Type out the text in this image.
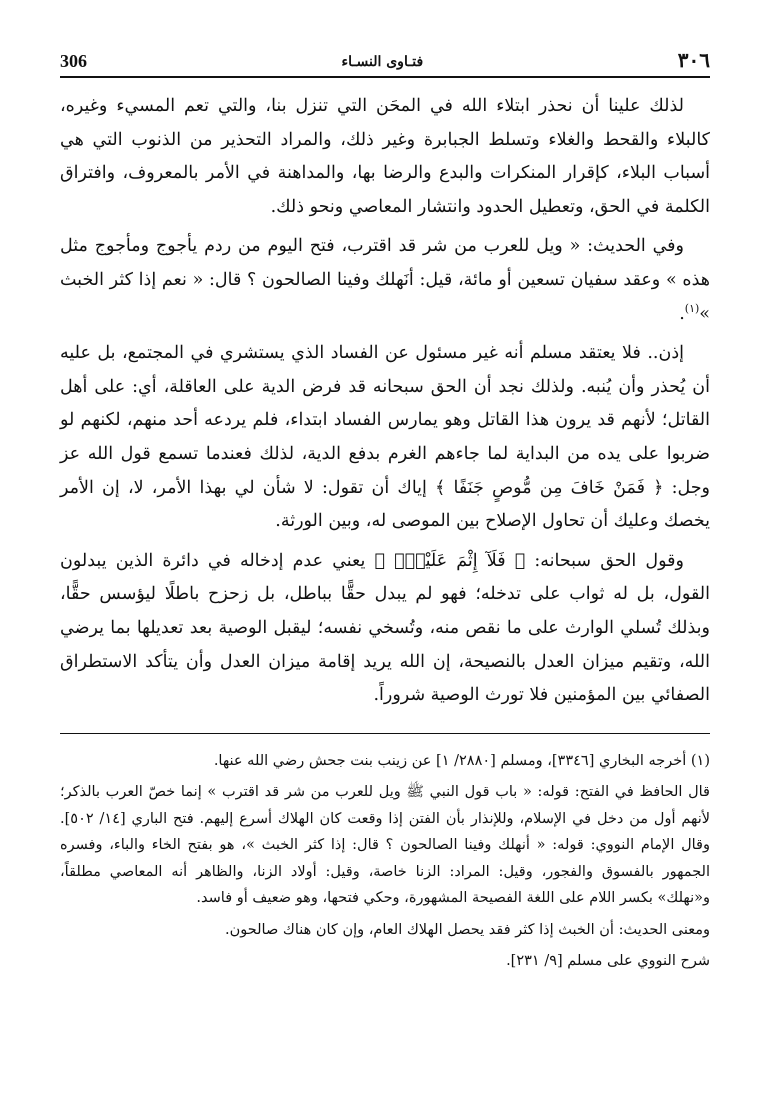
306	فتـاوى النسـاء	٣٠٦

لذلك علينا أن نحذر ابتلاء الله في المحَن التي تنزل بنا، والتي تعم المسيء وغيره، كالبلاء والقحط والغلاء وتسلط الجبابرة وغير ذلك، والمراد التحذير من الذنوب التي هي أسباب البلاء، كإقرار المنكرات والبدع والرضا بها، والمداهنة في الأمر بالمعروف، وافتراق الكلمة في الحق، وتعطيل الحدود وانتشار المعاصي ونحو ذلك.

وفي الحديث: « ويل للعرب من شر قد اقترب، فتح اليوم من ردم يأجوج ومأجوج مثل هذه » وعقد سفيان تسعين أو مائة، قيل: أنَهلك وفينا الصالحون ؟ قال: « نعم إذا كثر الخبث »$^{(١)}$.

إذن.. فلا يعتقد مسلم أنه غير مسئول عن الفساد الذي يستشري في المجتمع، بل عليه أن يُحذر وأن يُنبه. ولذلك نجد أن الحق سبحانه قد فرض الدية على العاقلة، أي: على أهل القاتل؛ لأنهم قد يرون هذا القاتل وهو يمارس الفساد ابتداء، فلم يردعه أحد منهم، لكنهم لو ضربوا على يده من البداية لما جاءهم الغرم بدفع الدية، لذلك فعندما تسمع قول الله عز وجل: ﴿ فَمَنْ خَافَ مِن مُّوصٍ جَنَفًا ﴾ إياك أن تقول: لا شأن لي بهذا الأمر، لا، إن الأمر يخصك وعليك أن تحاول الإصلاح بين الموصى له، وبين الورثة.

وقول الحق سبحانه: ﴿ فَلَآ إِثْمَ عَلَيْهِۚ ﴾ يعني عدم إدخاله في دائرة الذين يبدلون القول، بل له ثواب على تدخله؛ فهو لم يبدل حقًّا بباطل، بل زحزح باطلًا ليؤسس حقًّا، وبذلك تُسلي الوارث على ما نقص منه، وتُسخي نفسه؛ ليقبل الوصية بعد تعديلها بما يرضي الله، وتقيم ميزان العدل بالنصيحة، إن الله يريد إقامة ميزان العدل وأن يتأكد الاستطراق الصفائي بين المؤمنين فلا تورث الوصية شروراً.

(١) أخرجه البخاري [٣٣٤٦]، ومسلم [٢٨٨٠/ ١] عن زينب بنت جحش رضي الله عنها.

قال الحافظ في الفتح: قوله: « باب قول النبي ﷺ ويل للعرب من شر قد اقترب » إنما خصّ العرب بالذكر؛ لأنهم أول من دخل في الإسلام، وللإنذار بأن الفتن إذا وقعت كان الهلاك أسرع إليهم. فتح الباري [١٤/ ٥٠٢]. وقال الإمام النووي: قوله: « أنهلك وفينا الصالحون ؟ قال: إذا كثر الخبث »، هو بفتح الخاء والباء، وفسره الجمهور بالفسوق والفجور، وقيل: المراد: الزنا خاصة، وقيل: أولاد الزنا، والظاهر أنه المعاصي مطلقاً، و«نهلك» بكسر اللام على اللغة الفصيحة المشهورة، وحكي فتحها، وهو ضعيف أو فاسد.

ومعنى الحديث: أن الخبث إذا كثر فقد يحصل الهلاك العام، وإن كان هناك صالحون.

شرح النووي على مسلم [٩/ ٢٣١].
